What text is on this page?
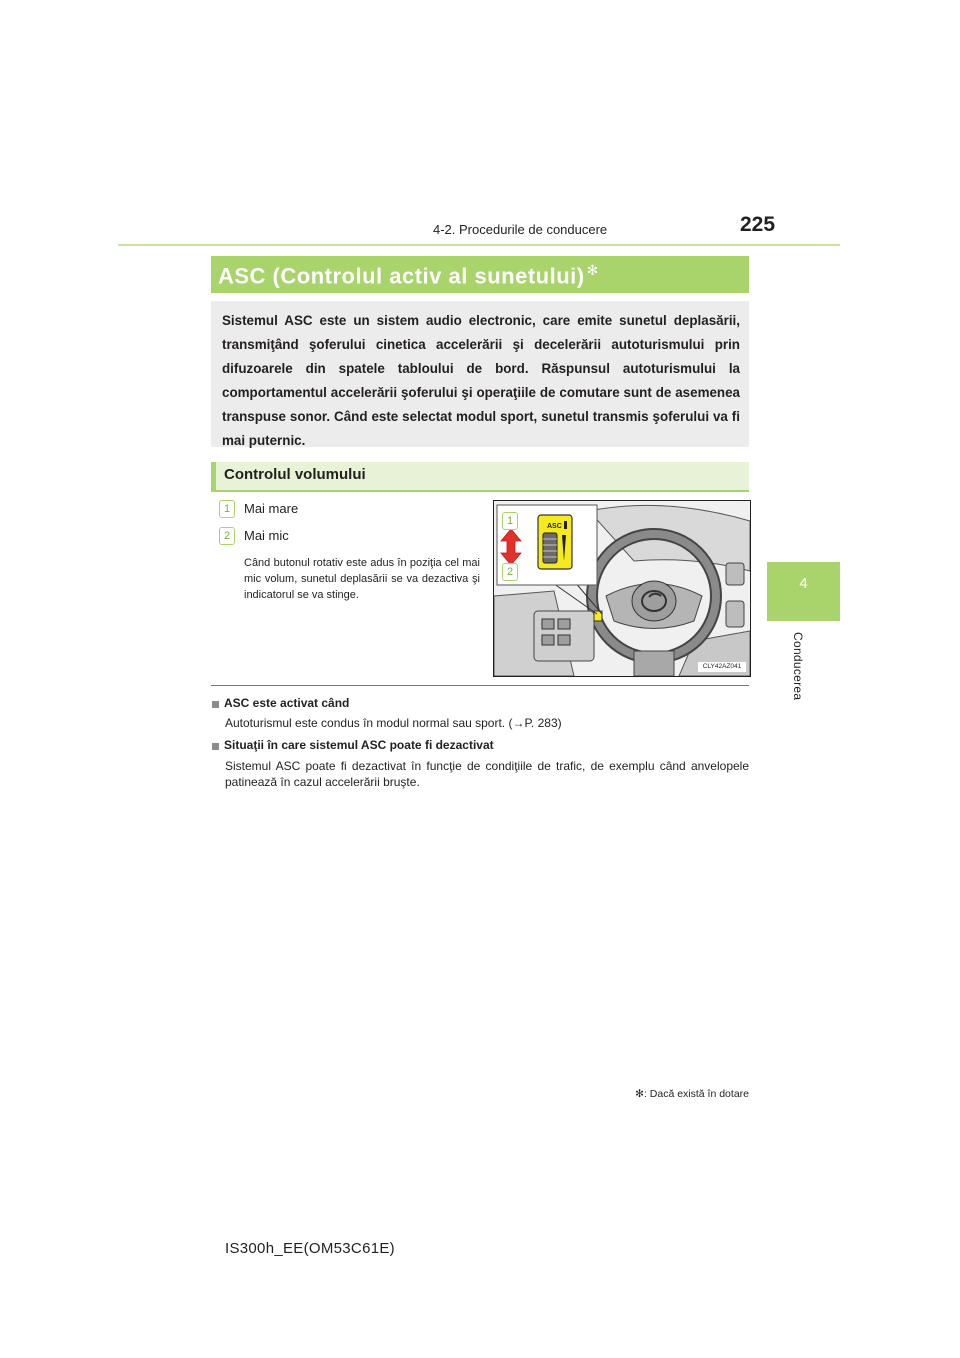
4-2. Procedurile de conducere	225
4
Conducerea
ASC (Controlul activ al sunetului) ✻
Sistemul ASC este un sistem audio electronic, care emite sunetul deplasării, transmiţând şoferului cinetica accelerării şi decelerării autoturismului prin difuzoarele din spatele tabloului de bord. Răspunsul autoturismului la comportamentul accelerării şoferului şi operaţiile de comutare sunt de asemenea transpuse sonor. Când este selectat modul sport, sunetul transmis şoferului va fi mai puternic.
Controlul volumului
1	Mai mare
2	Mai mic
Când butonul rotativ este adus în poziţia cel mai mic volum, sunetul deplasării se va dezactiva şi indicatorul se va stinge.
ASC
1
2
CLY42AZ041
ASC este activat când
Autoturismul este condus în modul normal sau sport. (→P. 283)
Situaţii în care sistemul ASC poate fi dezactivat
Sistemul ASC poate fi dezactivat în funcţie de condiţiile de trafic, de exemplu când anvelopele patinează în cazul accelerării bruşte.
✻: Dacă există în dotare
IS300h_EE(OM53C61E)
